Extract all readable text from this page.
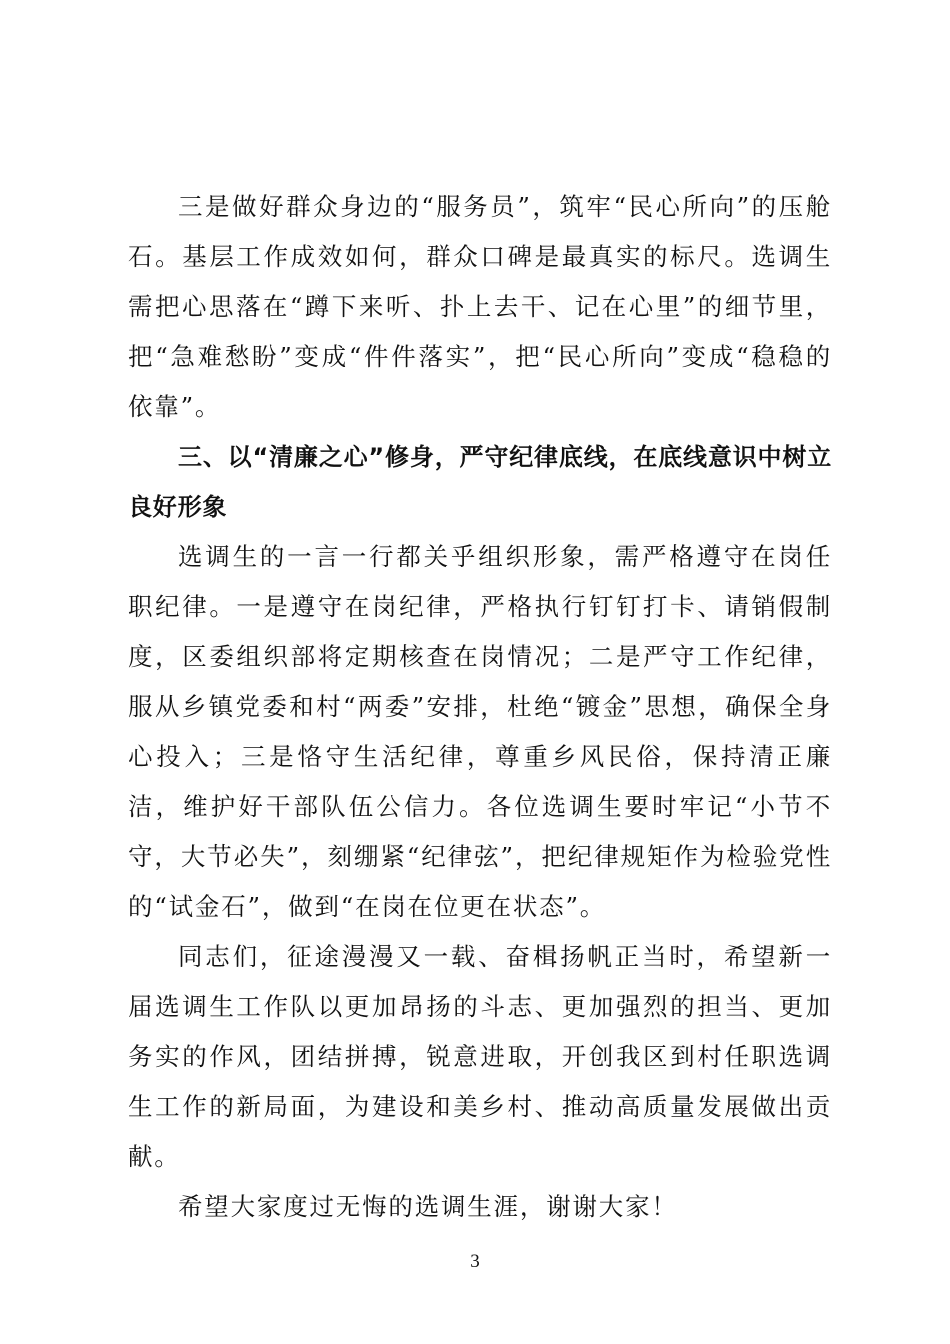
三是做好群众身边的“服务员”，筑牢“民心所向”的压舱石。基层工作成效如何，群众口碑是最真实的标尺。选调生需把心思落在“蹲下来听、扑上去干、记在心里”的细节里，把“急难愁盼”变成“件件落实”，把“民心所向”变成“稳稳的依靠”。

三、以“清廉之心”修身，严守纪律底线，在底线意识中树立良好形象

选调生的一言一行都关乎组织形象，需严格遵守在岗任职纪律。一是遵守在岗纪律，严格执行钉钉打卡、请销假制度，区委组织部将定期核查在岗情况；二是严守工作纪律，服从乡镇党委和村“两委”安排，杜绝“镀金”思想，确保全身心投入；三是恪守生活纪律，尊重乡风民俗，保持清正廉洁，维护好干部队伍公信力。各位选调生要时牢记“小节不守，大节必失”，刻绷紧“纪律弦”，把纪律规矩作为检验党性的“试金石”，做到“在岗在位更在状态”。

同志们，征途漫漫又一载、奋楫扬帆正当时，希望新一届选调生工作队以更加昂扬的斗志、更加强烈的担当、更加务实的作风，团结拼搏，锐意进取，开创我区到村任职选调生工作的新局面，为建设和美乡村、推动高质量发展做出贡献。

希望大家度过无悔的选调生涯，谢谢大家！

3
